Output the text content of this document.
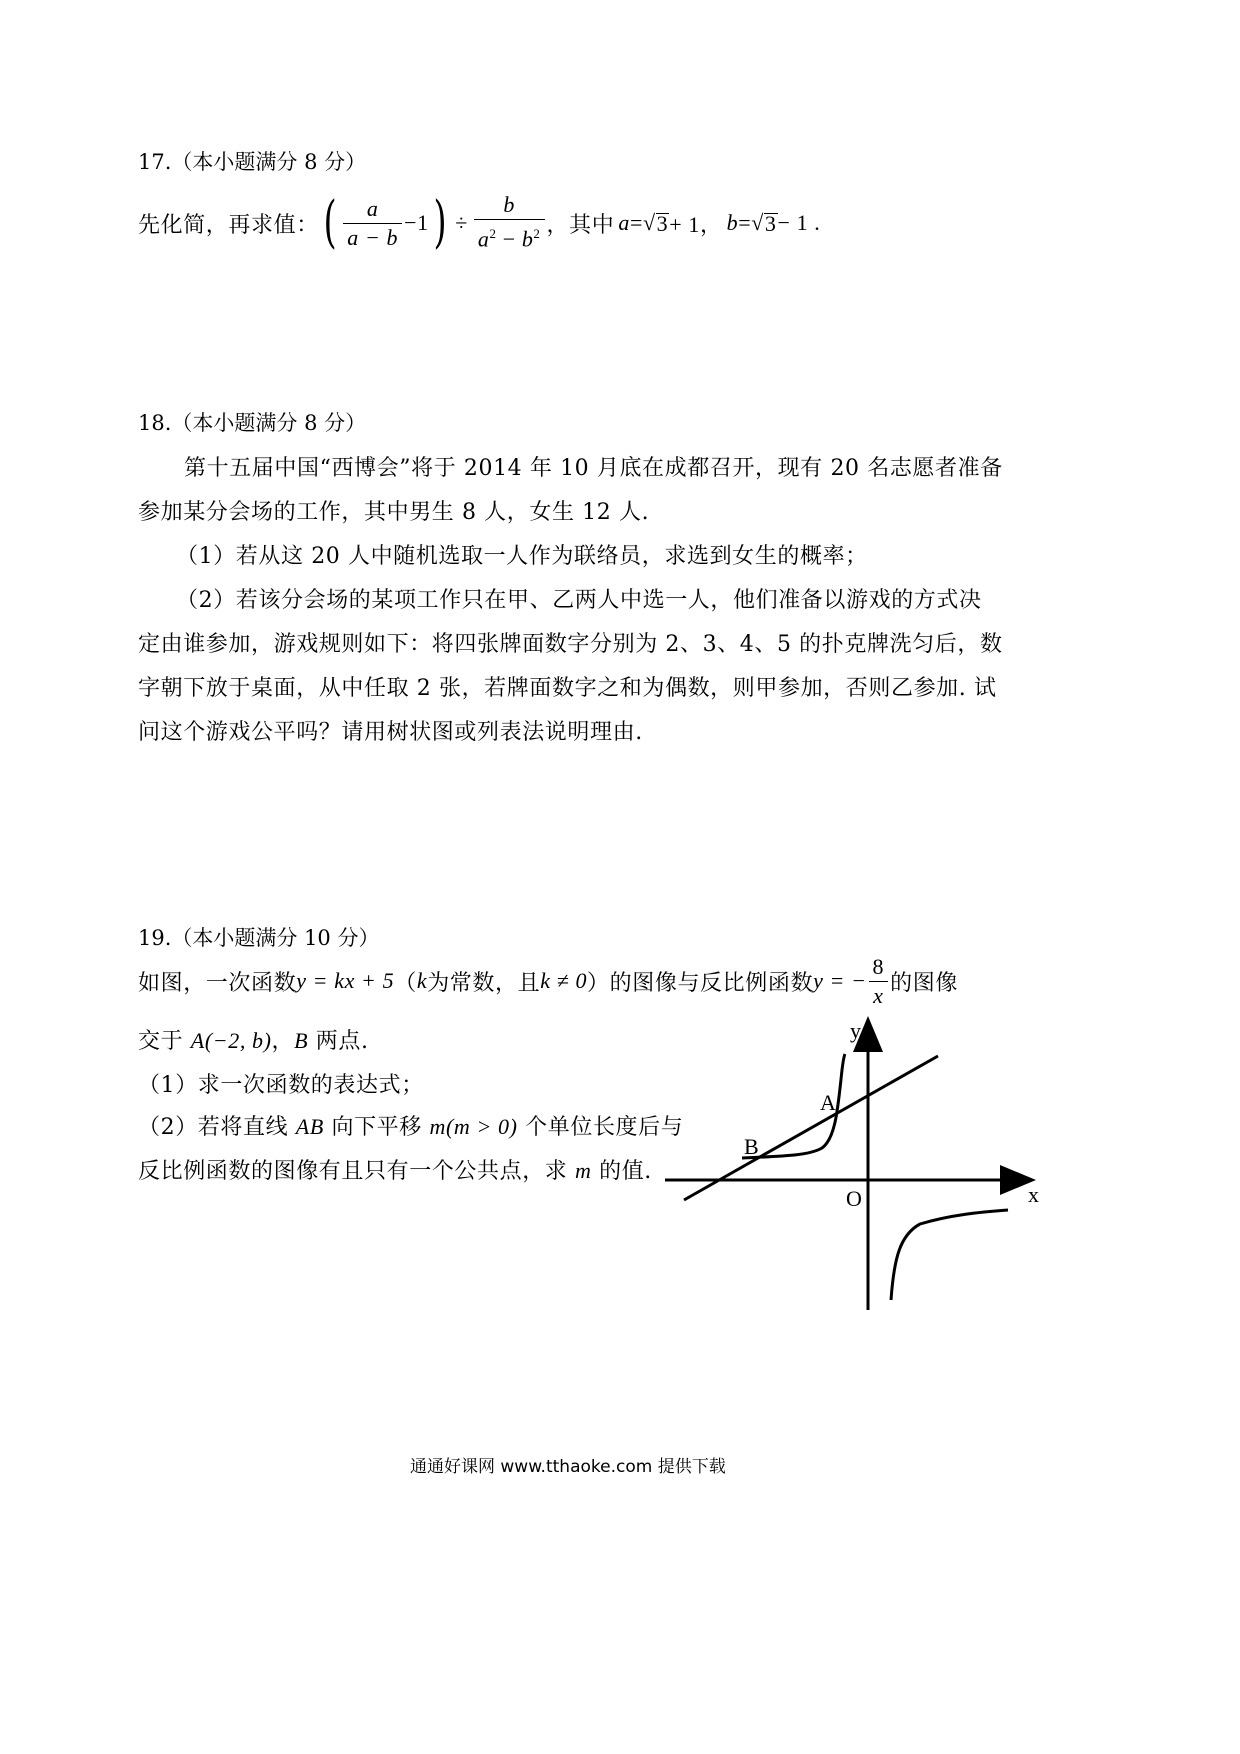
17.（本小题满分 8 分）
先化简，再求值： ( $\frac{a}{a - b} -1$ ) ÷ $\frac{b}{a^2 - b^2}$ ，其中 a = √ 3 + 1， b = √ 3 − 1 .
18.（本小题满分 8 分）
第十五届中国“西博会”将于 2014 年 10 月底在成都召开，现有 20 名志愿者准备
参加某分会场的工作，其中男生 8 人，女生 12 人.
（1）若从这 20 人中随机选取一人作为联络员，求选到女生的概率；
（2）若该分会场的某项工作只在甲、乙两人中选一人，他们准备以游戏的方式决
定由谁参加，游戏规则如下：将四张牌面数字分别为 2、3、4、5 的扑克牌洗匀后，数
字朝下放于桌面，从中任取 2 张，若牌面数字之和为偶数，则甲参加，否则乙参加. 试
问这个游戏公平吗？请用树状图或列表法说明理由.
19.（本小题满分 10 分）
如图，一次函数 y = kx + 5 （ k 为常数，且 k ≠ 0 ）的图像与反比例函数 y = − $\frac{8}{x}$ 的图像
交于 A(−2, b)，B 两点.
（1）求一次函数的表达式；
（2）若将直线 AB 向下平移 m(m > 0) 个单位长度后与
反比例函数的图像有且只有一个公共点，求 m 的值.
y
x
O
A
B
通通好课网 www.tthaoke.com 提供下载
